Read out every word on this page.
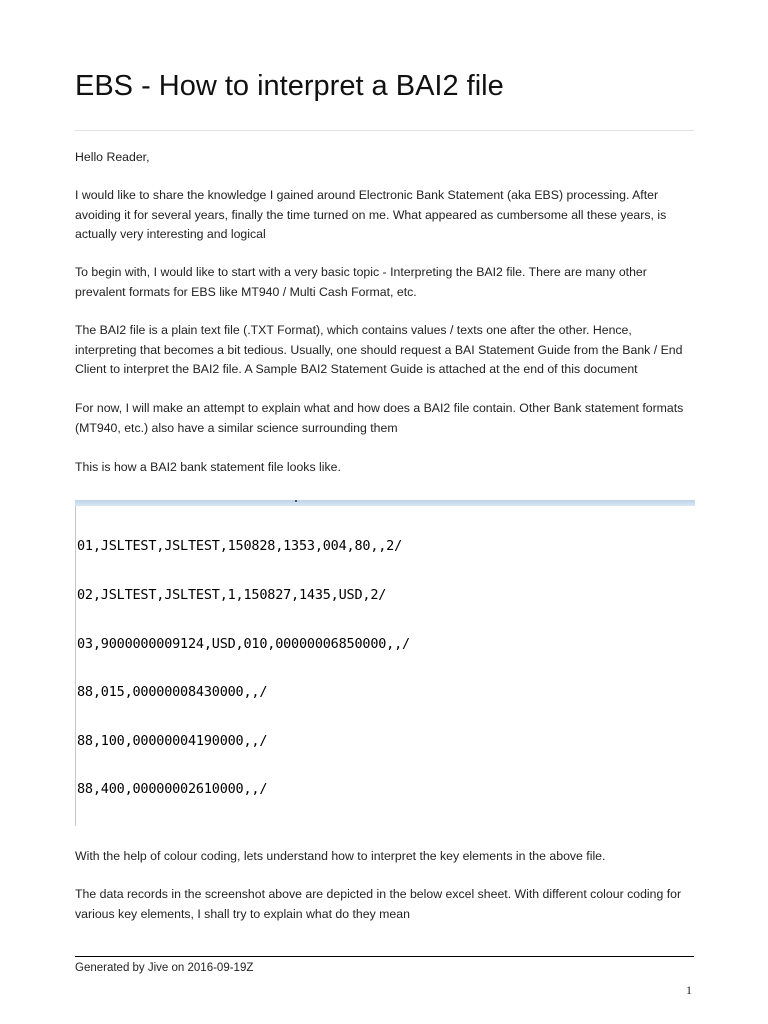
EBS - How to interpret a BAI2 file

Hello Reader,

I would like to share the knowledge I gained around Electronic Bank Statement (aka EBS) processing. After avoiding it for several years, finally the time turned on me. What appeared as cumbersome all these years, is actually very interesting and logical

To begin with, I would like to start with a very basic topic - Interpreting the BAI2 file. There are many other prevalent formats for EBS like MT940 / Multi Cash Format, etc.

The BAI2 file is a plain text file (.TXT Format), which contains values / texts one after the other. Hence, interpreting that becomes a bit tedious. Usually, one should request a BAI Statement Guide from the Bank / End Client to interpret the BAI2 file. A Sample BAI2 Statement Guide is attached at the end of this document

For now, I will make an attempt to explain what and how does a BAI2 file contain. Other Bank statement formats (MT940, etc.) also have a similar science surrounding them

This is how a BAI2 bank statement file looks like.

01,JSLTEST,JSLTEST,150828,1353,004,80,,2/

02,JSLTEST,JSLTEST,1,150827,1435,USD,2/

03,9000000009124,USD,010,00000006850000,,/

88,015,00000008430000,,/

88,100,00000004190000,,/

88,400,00000002610000,,/

With the help of colour coding, lets understand how to interpret the key elements in the above file.

The data records in the screenshot above are depicted in the below excel sheet. With different colour coding for various key elements, I shall try to explain what do they mean

Generated by Jive on 2016-09-19Z
1
